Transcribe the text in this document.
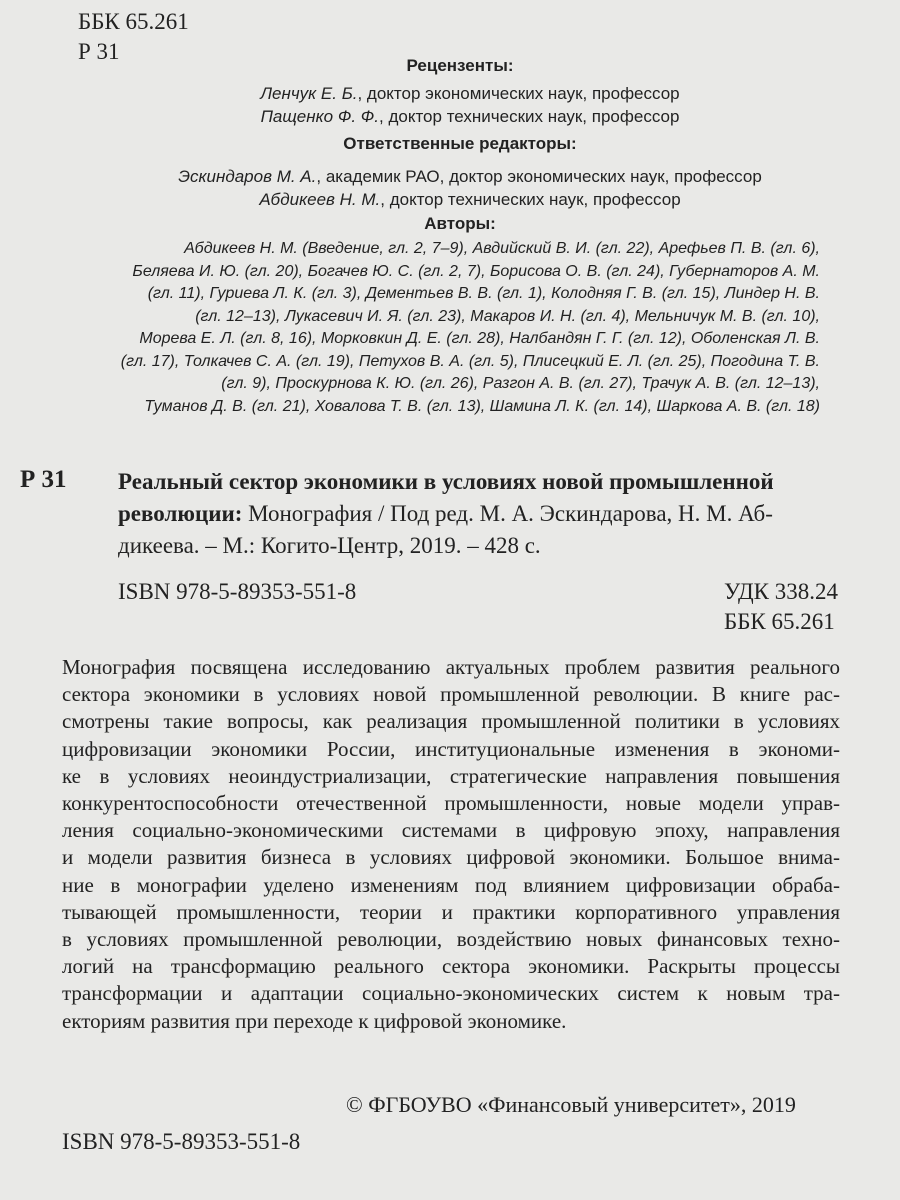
ББК 65.261
Р 31
Рецензенты:
Ленчук Е. Б., доктор экономических наук, профессор
Пащенко Ф. Ф., доктор технических наук, профессор
Ответственные редакторы:
Эскиндаров М. А., академик РАО, доктор экономических наук, профессор
Абдикеев Н. М., доктор технических наук, профессор
Авторы:
Абдикеев Н. М. (Введение, гл. 2, 7–9), Авдийский В. И. (гл. 22), Арефьев П. В. (гл. 6),
Беляева И. Ю. (гл. 20), Богачев Ю. С. (гл. 2, 7), Борисова О. В. (гл. 24), Губернаторов А. М.
(гл. 11), Гуриева Л. К. (гл. 3), Дементьев В. В. (гл. 1), Колодняя Г. В. (гл. 15), Линдер Н. В.
(гл. 12–13), Лукасевич И. Я. (гл. 23), Макаров И. Н. (гл. 4), Мельничук М. В. (гл. 10),
Морева Е. Л. (гл. 8, 16), Морковкин Д. Е. (гл. 28), Налбандян Г. Г. (гл. 12), Оболенская Л. В.
(гл. 17), Толкачев С. А. (гл. 19), Петухов В. А. (гл. 5), Плисецкий Е. Л. (гл. 25), Погодина Т. В.
(гл. 9), Проскурнова К. Ю. (гл. 26), Разгон А. В. (гл. 27), Трачук А. В. (гл. 12–13),
Туманов Д. В. (гл. 21), Ховалова Т. В. (гл. 13), Шамина Л. К. (гл. 14), Шаркова А. В. (гл. 18)
Р 31 Реальный сектор экономики в условиях новой промышленной
революции: Монография / Под ред. М. А. Эскиндарова, Н. М. Аб-
дикеева. – М.: Когито-Центр, 2019. – 428 с.
ISBN 978-5-89353-551-8	УДК 338.24
ББК 65.261
Монография посвящена исследованию актуальных проблем развития реального
сектора экономики в условиях новой промышленной революции. В книге рас-
смотрены такие вопросы, как реализация промышленной политики в условиях
цифровизации экономики России, институциональные изменения в экономи-
ке в условиях неоиндустриализации, стратегические направления повышения
конкурентоспособности отечественной промышленности, новые модели управ-
ления социально-экономическими системами в цифровую эпоху, направления
и модели развития бизнеса в условиях цифровой экономики. Большое внима-
ние в монографии уделено изменениям под влиянием цифровизации обраба-
тывающей промышленности, теории и практики корпоративного управления
в условиях промышленной революции, воздействию новых финансовых техно-
логий на трансформацию реального сектора экономики. Раскрыты процессы
трансформации и адаптации социально-экономических систем к новым тра-
екториям развития при переходе к цифровой экономике.
© ФГБОУВО «Финансовый университет», 2019
ISBN 978-5-89353-551-8
